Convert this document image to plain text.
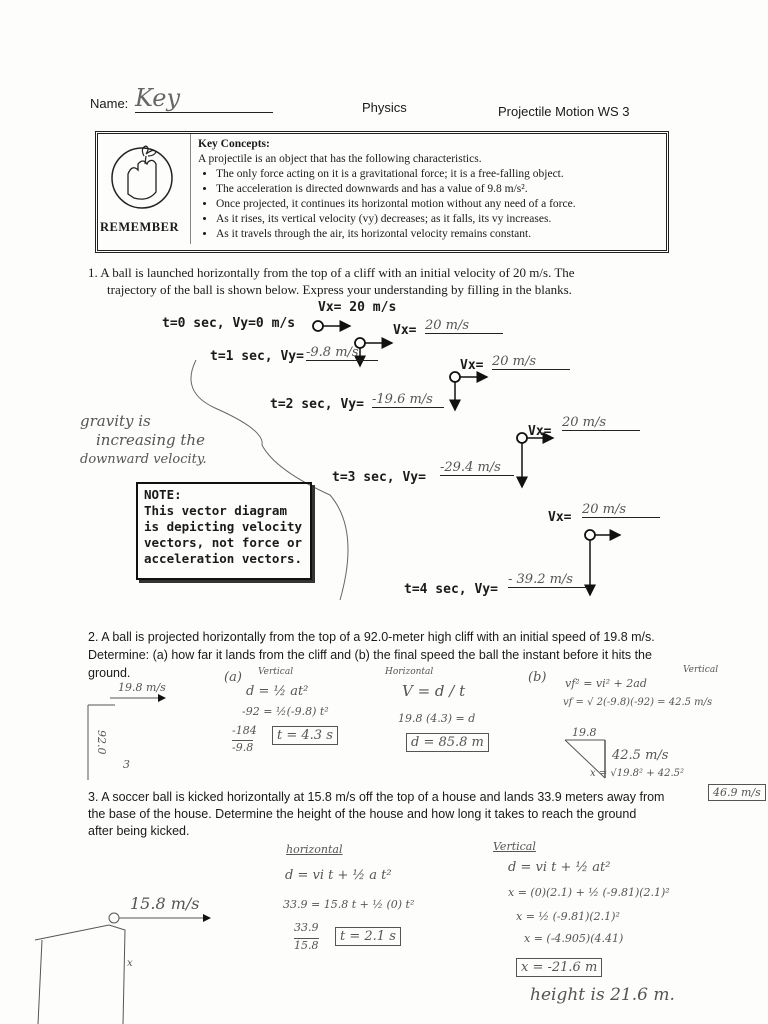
Name: Key	Physics	Projectile Motion WS 3
REMEMBER
Key Concepts:
A projectile is an object that has the following characteristics.
• The only force acting on it is a gravitational force; it is a free-falling object.
• The acceleration is directed downwards and has a value of 9.8 m/s².
• Once projected, it continues its horizontal motion without any need of a force.
• As it rises, its vertical velocity (vy) decreases; as it falls, its vy increases.
• As it travels through the air, its horizontal velocity remains constant.
1. A ball is launched horizontally from the top of a cliff with an initial velocity of 20 m/s. The
trajectory of the ball is shown below. Express your understanding by filling in the blanks.
Vx= 20 m/s
t=0 sec, Vy=0 m/s
t=1 sec, Vy= -9.8 m/s
Vx= 20 m/s
t=2 sec, Vy= -19.6 m/s
Vx= 20 m/s
t=3 sec, Vy=
-29.4 m/s
Vx=
20 m/s
t=4 sec, Vy=
- 39.2 m/s
Vx=
20 m/s
gravity is
increasing the
downward velocity.
NOTE:
This vector diagram
is depicting velocity
vectors, not force or
acceleration vectors.
2. A ball is projected horizontally from the top of a 92.0-meter high cliff with an initial speed of 19.8 m/s.
Determine: (a) how far it lands from the cliff and (b) the final speed the ball the instant before it hits the
ground.
19.8 m/s
92.0
3
(a) Vertical
d = ½ at²
-92 = ½(-9.8) t²
-184
-9.8
t = 4.3 s
Horizontal
V = d / t
19.8 (4.3) = d
d = 85.8 m
(b)	Vertical
vf² = vi² + 2ad
vf = √ 2(-9.8)(-92) = 42.5 m/s
19.8
42.5 m/s
x = √19.8² + 42.5²
46.9 m/s
3. A soccer ball is kicked horizontally at 15.8 m/s off the top of a house and lands 33.9 meters away from
the base of the house. Determine the height of the house and how long it takes to reach the ground
after being kicked.
15.8 m/s
x
horizontal
d = vi t + ½ a t²
33.9 = 15.8 t + ½ (0) t²
33.9
15.8
t = 2.1 s
Vertical
d = vi t + ½ at²
x = (0)(2.1) + ½ (-9.81)(2.1)²
x = ½ (-9.81)(2.1)²
x = (-4.905)(4.41)
x = -21.6 m
height is 21.6 m.
